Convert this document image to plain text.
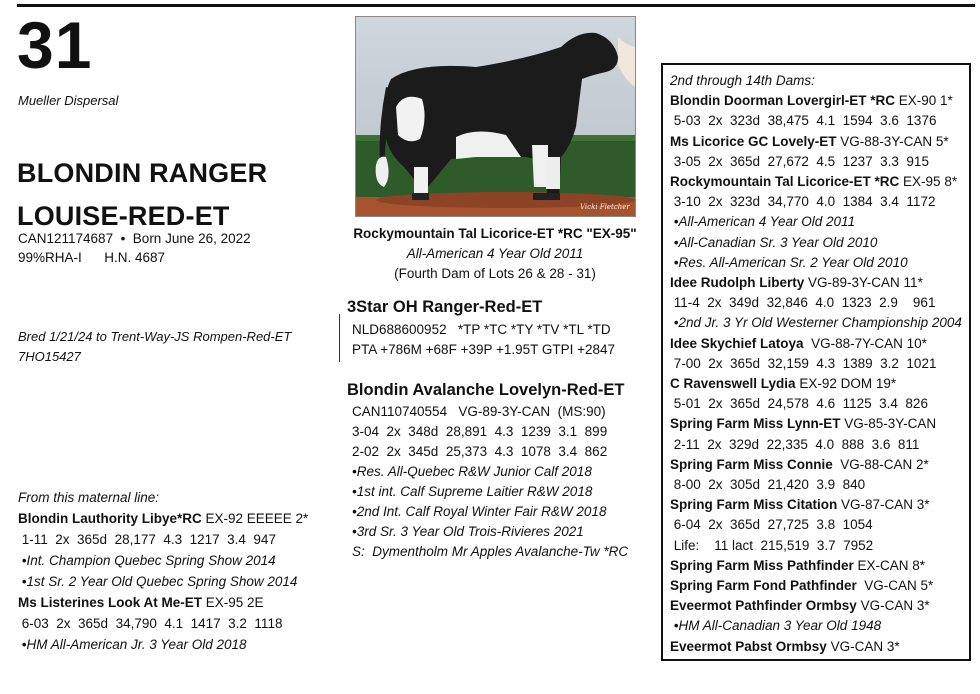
31
Mueller Dispersal
BLONDIN RANGER
LOUISE-RED-ET
CAN121174687  •  Born June 26, 2022
99%RHA-I      H.N. 4687
Bred 1/21/24 to Trent-Way-JS Rompen-Red-ET
7HO15427
From this maternal line:
Blondin Lauthority Libye*RC EX-92 EEEEE 2*
1-11  2x  365d  28,177  4.3  1217  3.4  947
•Int. Champion Quebec Spring Show 2014
•1st Sr. 2 Year Old Quebec Spring Show 2014
Ms Listerines Look At Me-ET EX-95 2E
6-03  2x  365d  34,790  4.1  1417  3.2  1118
•HM All-American Jr. 3 Year Old 2018
Vicki Fletcher
Rockymountain Tal Licorice-ET *RC "EX-95"
All-American 4 Year Old 2011
(Fourth Dam of Lots 26 & 28 - 31)
3Star OH Ranger-Red-ET
NLD688600952   *TP *TC *TY *TV *TL *TD
PTA +786M +68F +39P +1.95T GTPI +2847
Blondin Avalanche Lovelyn-Red-ET
CAN110740554   VG-89-3Y-CAN  (MS:90)
3-04  2x  348d  28,891  4.3  1239  3.1  899
2-02  2x  345d  25,373  4.3  1078  3.4  862
•Res. All-Quebec R&W Junior Calf 2018
•1st int. Calf Supreme Laitier R&W 2018
•2nd Int. Calf Royal Winter Fair R&W 2018
•3rd Sr. 3 Year Old Trois-Rivieres 2021
S:  Dymentholm Mr Apples Avalanche-Tw *RC
2nd through 14th Dams:
Blondin Doorman Lovergirl-ET *RC EX-90 1*
5-03  2x  323d  38,475  4.1  1594  3.6  1376
Ms Licorice GC Lovely-ET VG-88-3Y-CAN 5*
3-05  2x  365d  27,672  4.5  1237  3.3  915
Rockymountain Tal Licorice-ET *RC EX-95 8*
3-10  2x  323d  34,770  4.0  1384  3.4  1172
•All-American 4 Year Old 2011
•All-Canadian Sr. 3 Year Old 2010
•Res. All-American Sr. 2 Year Old 2010
Idee Rudolph Liberty VG-89-3Y-CAN 11*
11-4  2x  349d  32,846  4.0  1323  2.9    961
•2nd Jr. 3 Yr Old Westerner Championship 2004
Idee Skychief Latoya  VG-88-7Y-CAN 10*
7-00  2x  365d  32,159  4.3  1389  3.2  1021
C Ravenswell Lydia EX-92 DOM 19*
5-01  2x  365d  24,578  4.6  1125  3.4  826
Spring Farm Miss Lynn-ET VG-85-3Y-CAN
2-11  2x  329d  22,335  4.0  888  3.6  811
Spring Farm Miss Connie  VG-88-CAN 2*
8-00  2x  305d  21,420  3.9  840
Spring Farm Miss Citation VG-87-CAN 3*
6-04  2x  365d  27,725  3.8  1054
Life:    11 lact  215,519  3.7  7952
Spring Farm Miss Pathfinder EX-CAN 8*
Spring Farm Fond Pathfinder  VG-CAN 5*
Eveermot Pathfinder Ormbsy VG-CAN 3*
•HM All-Canadian 3 Year Old 1948
Eveermot Pabst Ormbsy VG-CAN 3*
